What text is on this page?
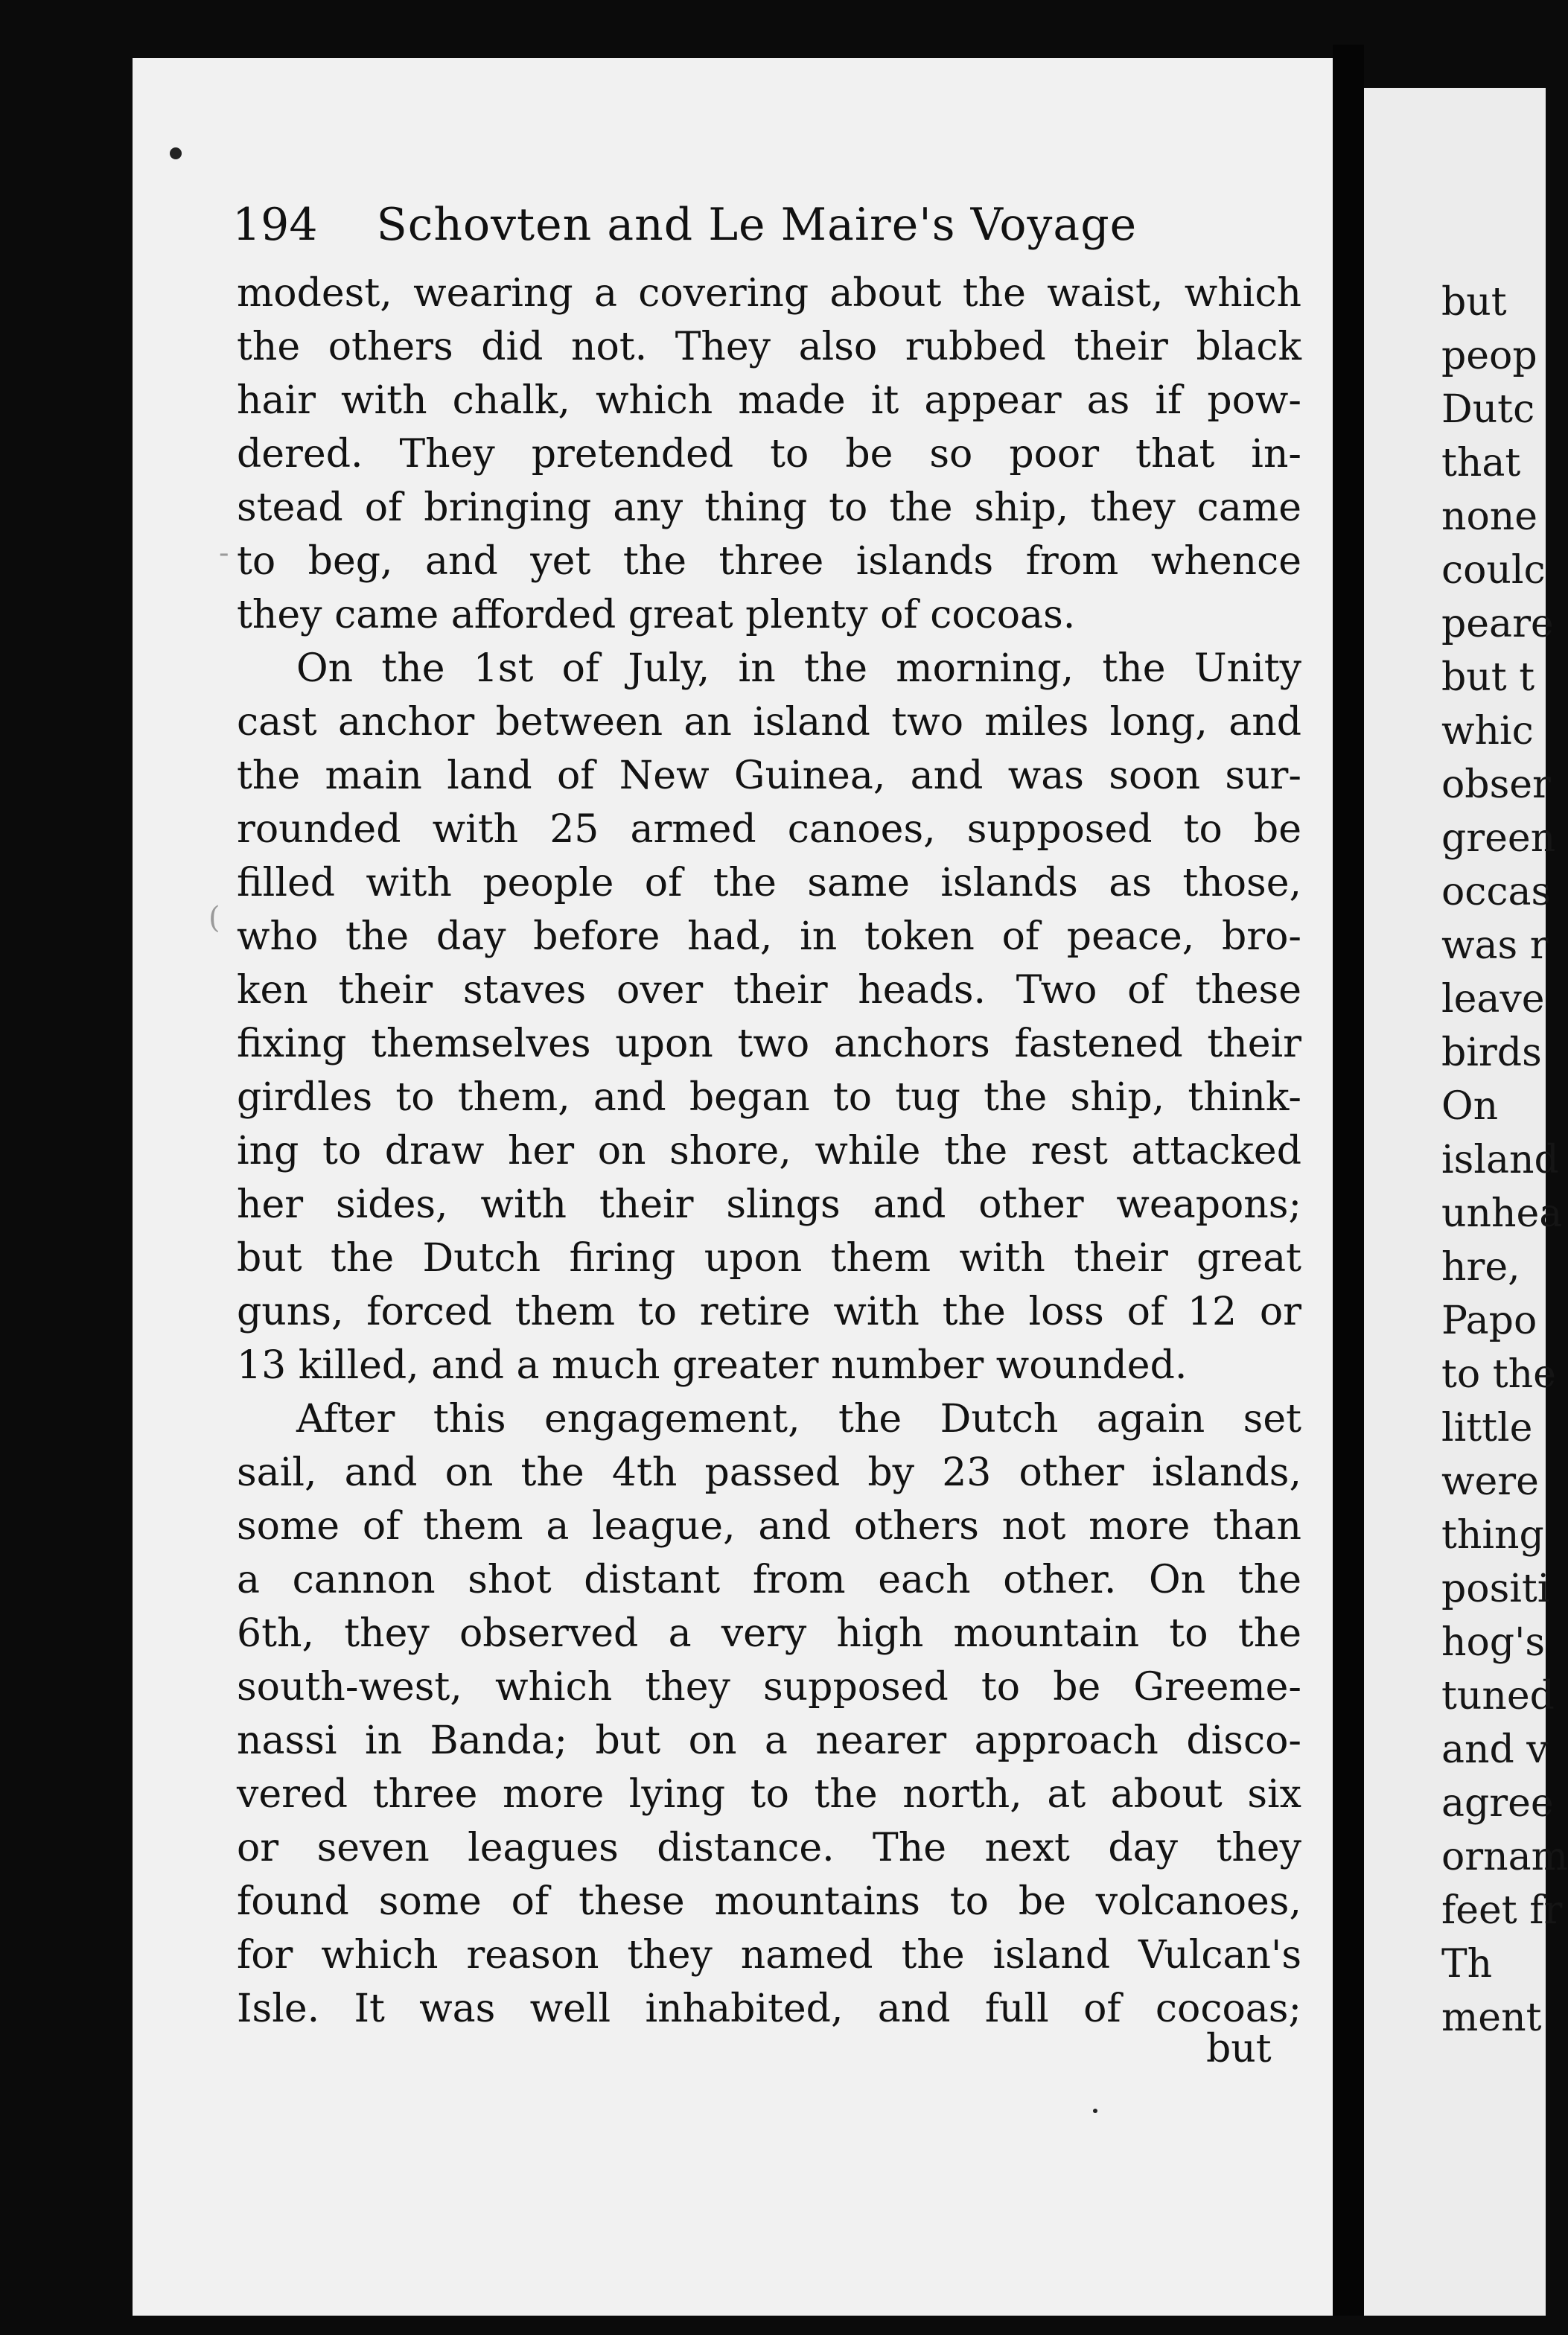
-
(
194 Schovten and Le Maire's Voyage
modest, wearing a covering about the waist, which
the others did not. They also rubbed their black
hair with chalk, which made it appear as if pow-
dered. They pretended to be so poor that in-
stead of bringing any thing to the ship, they came
to beg, and yet the three islands from whence
they came afforded great plenty of cocoas.
On the 1st of July, in the morning, the Unity
cast anchor between an island two miles long, and
the main land of New Guinea, and was soon sur-
rounded with 25 armed canoes, supposed to be
filled with people of the same islands as those,
who the day before had, in token of peace, bro-
ken their staves over their heads. Two of these
fixing themselves upon two anchors fastened their
girdles to them, and began to tug the ship, think-
ing to draw her on shore, while the rest attacked
her sides, with their slings and other weapons;
but the Dutch firing upon them with their great
guns, forced them to retire with the loss of 12 or
13 killed, and a much greater number wounded.
After this engagement, the Dutch again set
sail, and on the 4th passed by 23 other islands,
some of them a league, and others not more than
a cannon shot distant from each other. On the
6th, they observed a very high mountain to the
south-west, which they supposed to be Greeme-
nassi in Banda; but on a nearer approach disco-
vered three more lying to the north, at about six
or seven leagues distance. The next day they
found some of these mountains to be volcanoes,
for which reason they named the island Vulcan's
Isle. It was well inhabited, and full of cocoas;
but
but
peop
Dutc
that
none
coulc
peare
but t
whic
obser
green
occas
was r
leave
birds
On
island
unhea
hre,
Papo
to the
little
were
thing
positi
hog's
tuned
and v
agree
ornam
feet fr
Th
ment
